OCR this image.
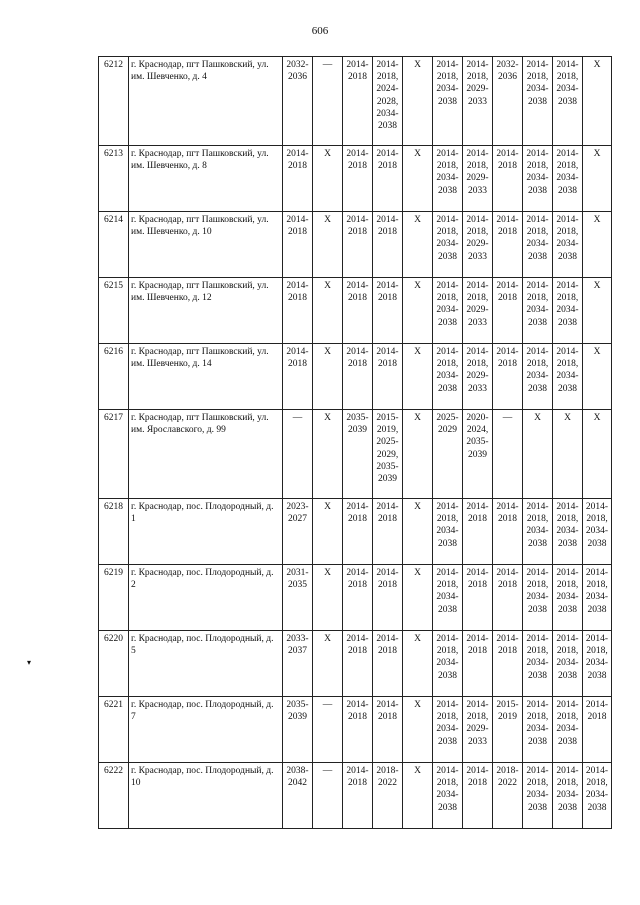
606
▾
6212	г. Краснодар, пгт Пашковский, ул. им. Шевченко, д. 4	2032-2036	—	2014-2018	2014-2018, 2024-2028, 2034-2038	X	2014-2018, 2034-2038	2014-2018, 2029-2033	2032-2036	2014-2018, 2034-2038	2014-2018, 2034-2038	X
6213	г. Краснодар, пгт Пашковский, ул. им. Шевченко, д. 8	2014-2018	X	2014-2018	2014-2018	X	2014-2018, 2034-2038	2014-2018, 2029-2033	2014-2018	2014-2018, 2034-2038	2014-2018, 2034-2038	X
6214	г. Краснодар, пгт Пашковский, ул. им. Шевченко, д. 10	2014-2018	X	2014-2018	2014-2018	X	2014-2018, 2034-2038	2014-2018, 2029-2033	2014-2018	2014-2018, 2034-2038	2014-2018, 2034-2038	X
6215	г. Краснодар, пгт Пашковский, ул. им. Шевченко, д. 12	2014-2018	X	2014-2018	2014-2018	X	2014-2018, 2034-2038	2014-2018, 2029-2033	2014-2018	2014-2018, 2034-2038	2014-2018, 2034-2038	X
6216	г. Краснодар, пгт Пашковский, ул. им. Шевченко, д. 14	2014-2018	X	2014-2018	2014-2018	X	2014-2018, 2034-2038	2014-2018, 2029-2033	2014-2018	2014-2018, 2034-2038	2014-2018, 2034-2038	X
6217	г. Краснодар, пгт Пашковский, ул. им. Ярославского, д. 99	—	X	2035-2039	2015-2019, 2025-2029, 2035-2039	X	2025-2029	2020-2024, 2035-2039	—	X	X	X
6218	г. Краснодар, пос. Плодородный, д. 1	2023-2027	X	2014-2018	2014-2018	X	2014-2018, 2034-2038	2014-2018	2014-2018	2014-2018, 2034-2038	2014-2018, 2034-2038	2014-2018, 2034-2038
6219	г. Краснодар, пос. Плодородный, д. 2	2031-2035	X	2014-2018	2014-2018	X	2014-2018, 2034-2038	2014-2018	2014-2018	2014-2018, 2034-2038	2014-2018, 2034-2038	2014-2018, 2034-2038
6220	г. Краснодар, пос. Плодородный, д. 5	2033-2037	X	2014-2018	2014-2018	X	2014-2018, 2034-2038	2014-2018	2014-2018	2014-2018, 2034-2038	2014-2018, 2034-2038	2014-2018, 2034-2038
6221	г. Краснодар, пос. Плодородный, д. 7	2035-2039	—	2014-2018	2014-2018	X	2014-2018, 2034-2038	2014-2018, 2029-2033	2015-2019	2014-2018, 2034-2038	2014-2018, 2034-2038	2014-2018
6222	г. Краснодар, пос. Плодородный, д. 10	2038-2042	—	2014-2018	2018-2022	X	2014-2018, 2034-2038	2014-2018	2018-2022	2014-2018, 2034-2038	2014-2018, 2034-2038	2014-2018, 2034-2038
